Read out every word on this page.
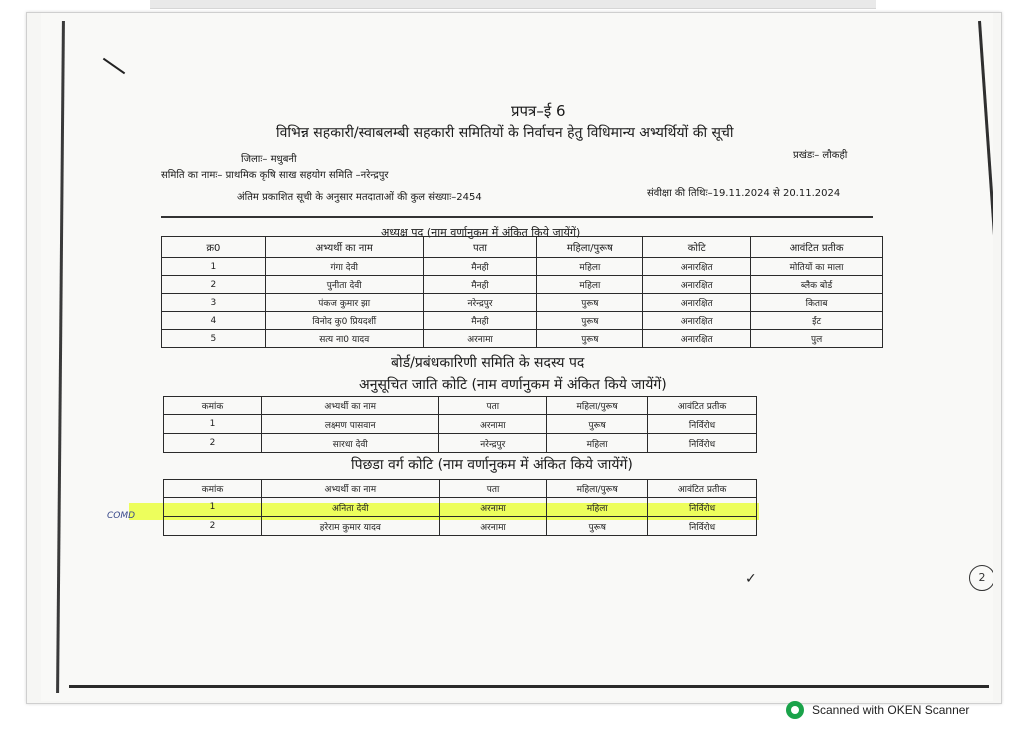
प्रपत्र–ई 6
विभिन्न सहकारी/स्वाबलम्बी सहकारी समितियों के निर्वाचन हेतु विधिमान्य अभ्यर्थियों की सूची
जिलाः– मधुबनी	प्रखंडः– लौकही
समिति का नामः– प्राथमिक कृषि साख सहयोग समिति –नरेन्द्रपुर
अंतिम प्रकाशित सूची के अनुसार मतदाताओं की कुल संख्याः–2454	संवीक्षा की तिथिः–19.11.2024 से 20.11.2024
अध्यक्ष पद (नाम वर्णानुकम में अंकित किये जायेंगें)
क्र0	अभ्यर्थी का नाम	पता	महिला/पुरूष	कोटि	आवंटित प्रतीक
1	गंगा देवी	मैनही	महिला	अनारक्षित	मोतियों का माला
2	पुनीता देवी	मैनही	महिला	अनारक्षित	ब्लैक बोर्ड
3	पंकज कुमार झा	नरेन्द्रपुर	पुरूष	अनारक्षित	किताब
4	विनोद कु0 प्रियदर्शी	मैनही	पुरूष	अनारक्षित	ईंट
5	सत्य ना0 यादव	अरनामा	पुरूष	अनारक्षित	पुल
बोर्ड/प्रबंधकारिणी समिति के सदस्य पद
अनुसूचित जाति कोटि (नाम वर्णानुकम में अंकित किये जायेंगें)
कमांक	अभ्यर्थी का नाम	पता	महिला/पुरूष	आवंटित प्रतीक
1	लक्ष्मण पासवान	अरनामा	पुरूष	निर्विरोध
2	सारधा देवी	नरेन्द्रपुर	महिला	निर्विरोध
पिछडा वर्ग कोटि (नाम वर्णानुकम में अंकित किये जायेंगें)
COMD
कमांक	अभ्यर्थी का नाम	पता	महिला/पुरूष	आवंटित प्रतीक
1	अनिता देवी	अरनामा	महिला	निर्विरोध
2	हरेराम कुमार यादव	अरनामा	पुरूष	निर्विरोध
✓	2
Scanned with OKEN Scanner
